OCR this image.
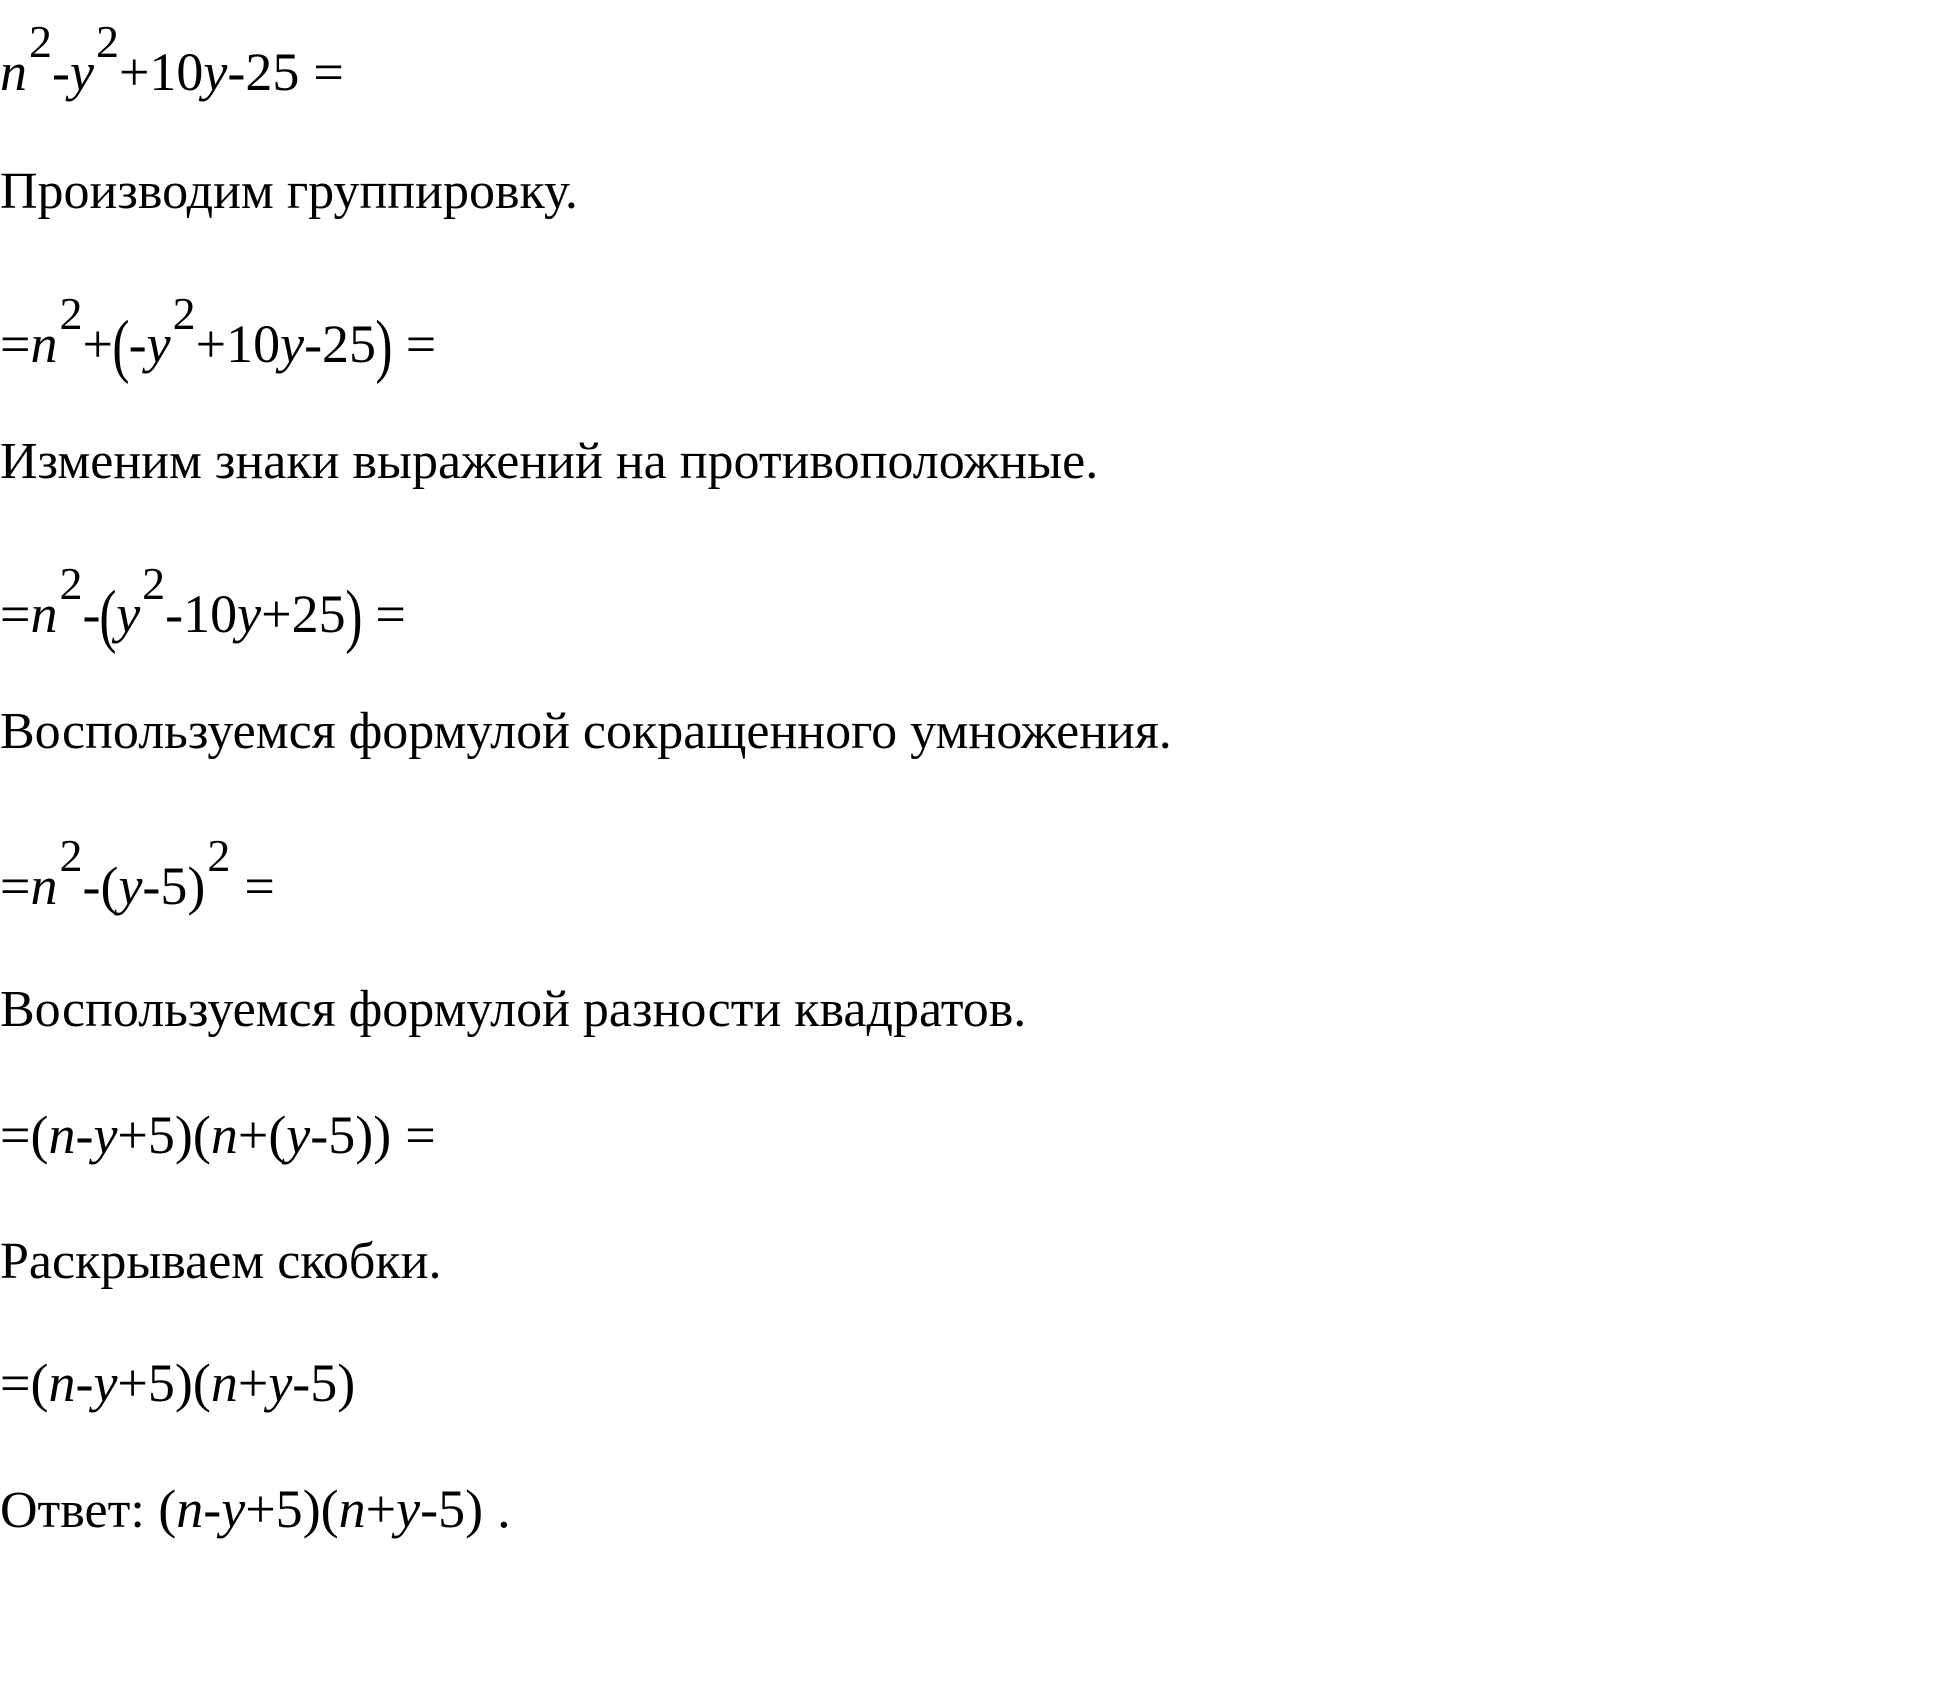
$n^2-y^2+10y-25$ =
Производим группировку.
$=n^2+(-y^2+10y-25)$ =
Изменим знаки выражений на противоположные.
$=n^2-(y^2-10y+25)$ =
Воспользуемся формулой сокращенного умножения.
$=n^2-(y-5)^2=$
Воспользуемся формулой разности квадратов.
=(n-y+5)(n+(y-5)) =
Раскрываем скобки.
=(n-y+5)(n+y-5)
Ответ: (n-y+5)(n+y-5) .
